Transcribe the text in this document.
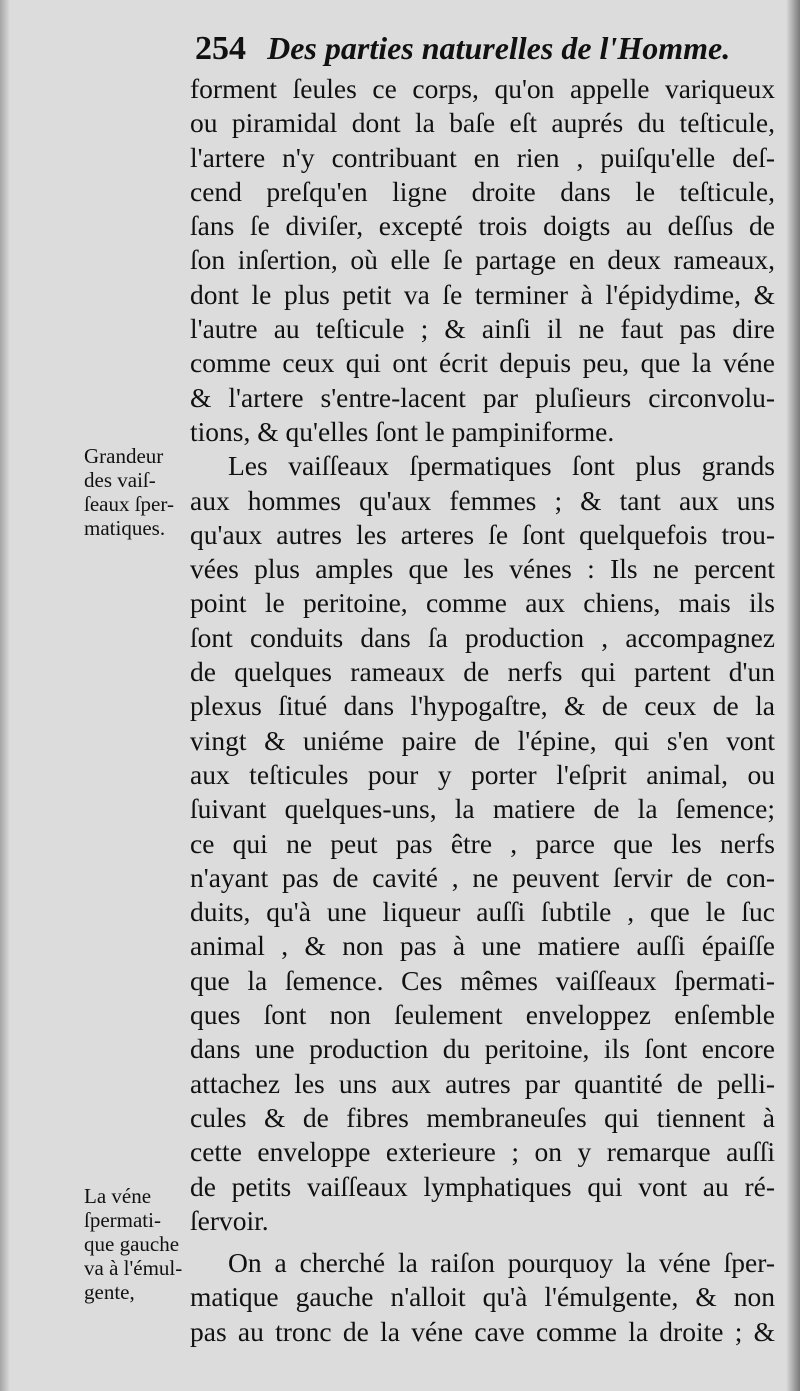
254 Des parties naturelles de l'Homme.
Grandeur
des vaiſ-
ſeaux ſper-
matiques.
La véne
ſpermati-
que gauche
va à l'émul-
gente,
forment ſeules ce corps, qu'on appelle variqueux
ou piramidal dont la baſe eſt auprés du teſticule,
l'artere n'y contribuant en rien , puiſqu'elle deſ-
cend preſqu'en ligne droite dans le teſticule,
ſans ſe diviſer, excepté trois doigts au deſſus de
ſon inſertion, où elle ſe partage en deux rameaux,
dont le plus petit va ſe terminer à l'épidydime, &
l'autre au teſticule ; & ainſi il ne faut pas dire
comme ceux qui ont écrit depuis peu, que la véne
& l'artere s'entre-lacent par pluſieurs circonvolu-
tions, & qu'elles ſont le pampiniforme.
Les vaiſſeaux ſpermatiques ſont plus grands
aux hommes qu'aux femmes ; & tant aux uns
qu'aux autres les arteres ſe ſont quelquefois trou-
vées plus amples que les vénes : Ils ne percent
point le peritoine, comme aux chiens, mais ils
ſont conduits dans ſa production , accompagnez
de quelques rameaux de nerfs qui partent d'un
plexus ſitué dans l'hypogaſtre, & de ceux de la
vingt & uniéme paire de l'épine, qui s'en vont
aux teſticules pour y porter l'eſprit animal, ou
ſuivant quelques-uns, la matiere de la ſemence;
ce qui ne peut pas être , parce que les nerfs
n'ayant pas de cavité , ne peuvent ſervir de con-
duits, qu'à une liqueur auſſi ſubtile , que le ſuc
animal , & non pas à une matiere auſſi épaiſſe
que la ſemence. Ces mêmes vaiſſeaux ſpermati-
ques ſont non ſeulement enveloppez enſemble
dans une production du peritoine, ils ſont encore
attachez les uns aux autres par quantité de pelli-
cules & de fibres membraneuſes qui tiennent à
cette enveloppe exterieure ; on y remarque auſſi
de petits vaiſſeaux lymphatiques qui vont au ré-
ſervoir.
On a cherché la raiſon pourquoy la véne ſper-
matique gauche n'alloit qu'à l'émulgente, & non
pas au tronc de la véne cave comme la droite ; &
